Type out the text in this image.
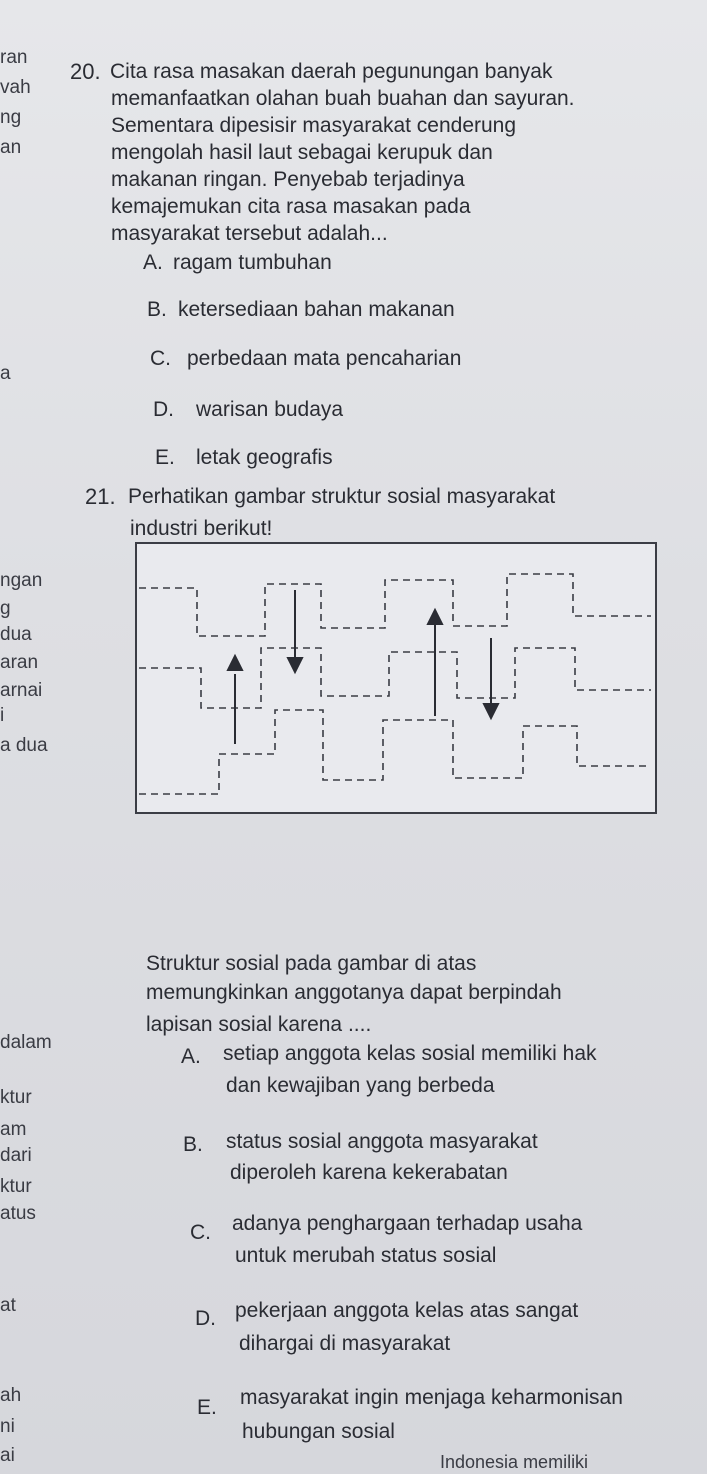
ran
vah
ng
an
a
ngan
g
dua
aran
arnai
i
a dua
dalam
ktur
am
dari
ktur
atus
at
ah
ni
ai
20. Cita rasa masakan daerah pegunungan banyak
memanfaatkan olahan buah buahan dan sayuran.
Sementara dipesisir masyarakat cenderung
mengolah hasil laut sebagai kerupuk dan
makanan ringan. Penyebab terjadinya
kemajemukan cita rasa masakan pada
masyarakat tersebut adalah...
A. ragam tumbuhan
B. ketersediaan bahan makanan
C. perbedaan mata pencaharian
D. warisan budaya
E. letak geografis
21. Perhatikan gambar struktur sosial masyarakat
industri berikut!
Struktur sosial pada gambar di atas
memungkinkan anggotanya dapat berpindah
lapisan sosial karena ....
A. setiap anggota kelas sosial memiliki hak
dan kewajiban yang berbeda
B. status sosial anggota masyarakat
diperoleh karena kekerabatan
C. adanya penghargaan terhadap usaha
untuk merubah status sosial
D. pekerjaan anggota kelas atas sangat
dihargai di masyarakat
E. masyarakat ingin menjaga keharmonisan
hubungan sosial
Indonesia memiliki
